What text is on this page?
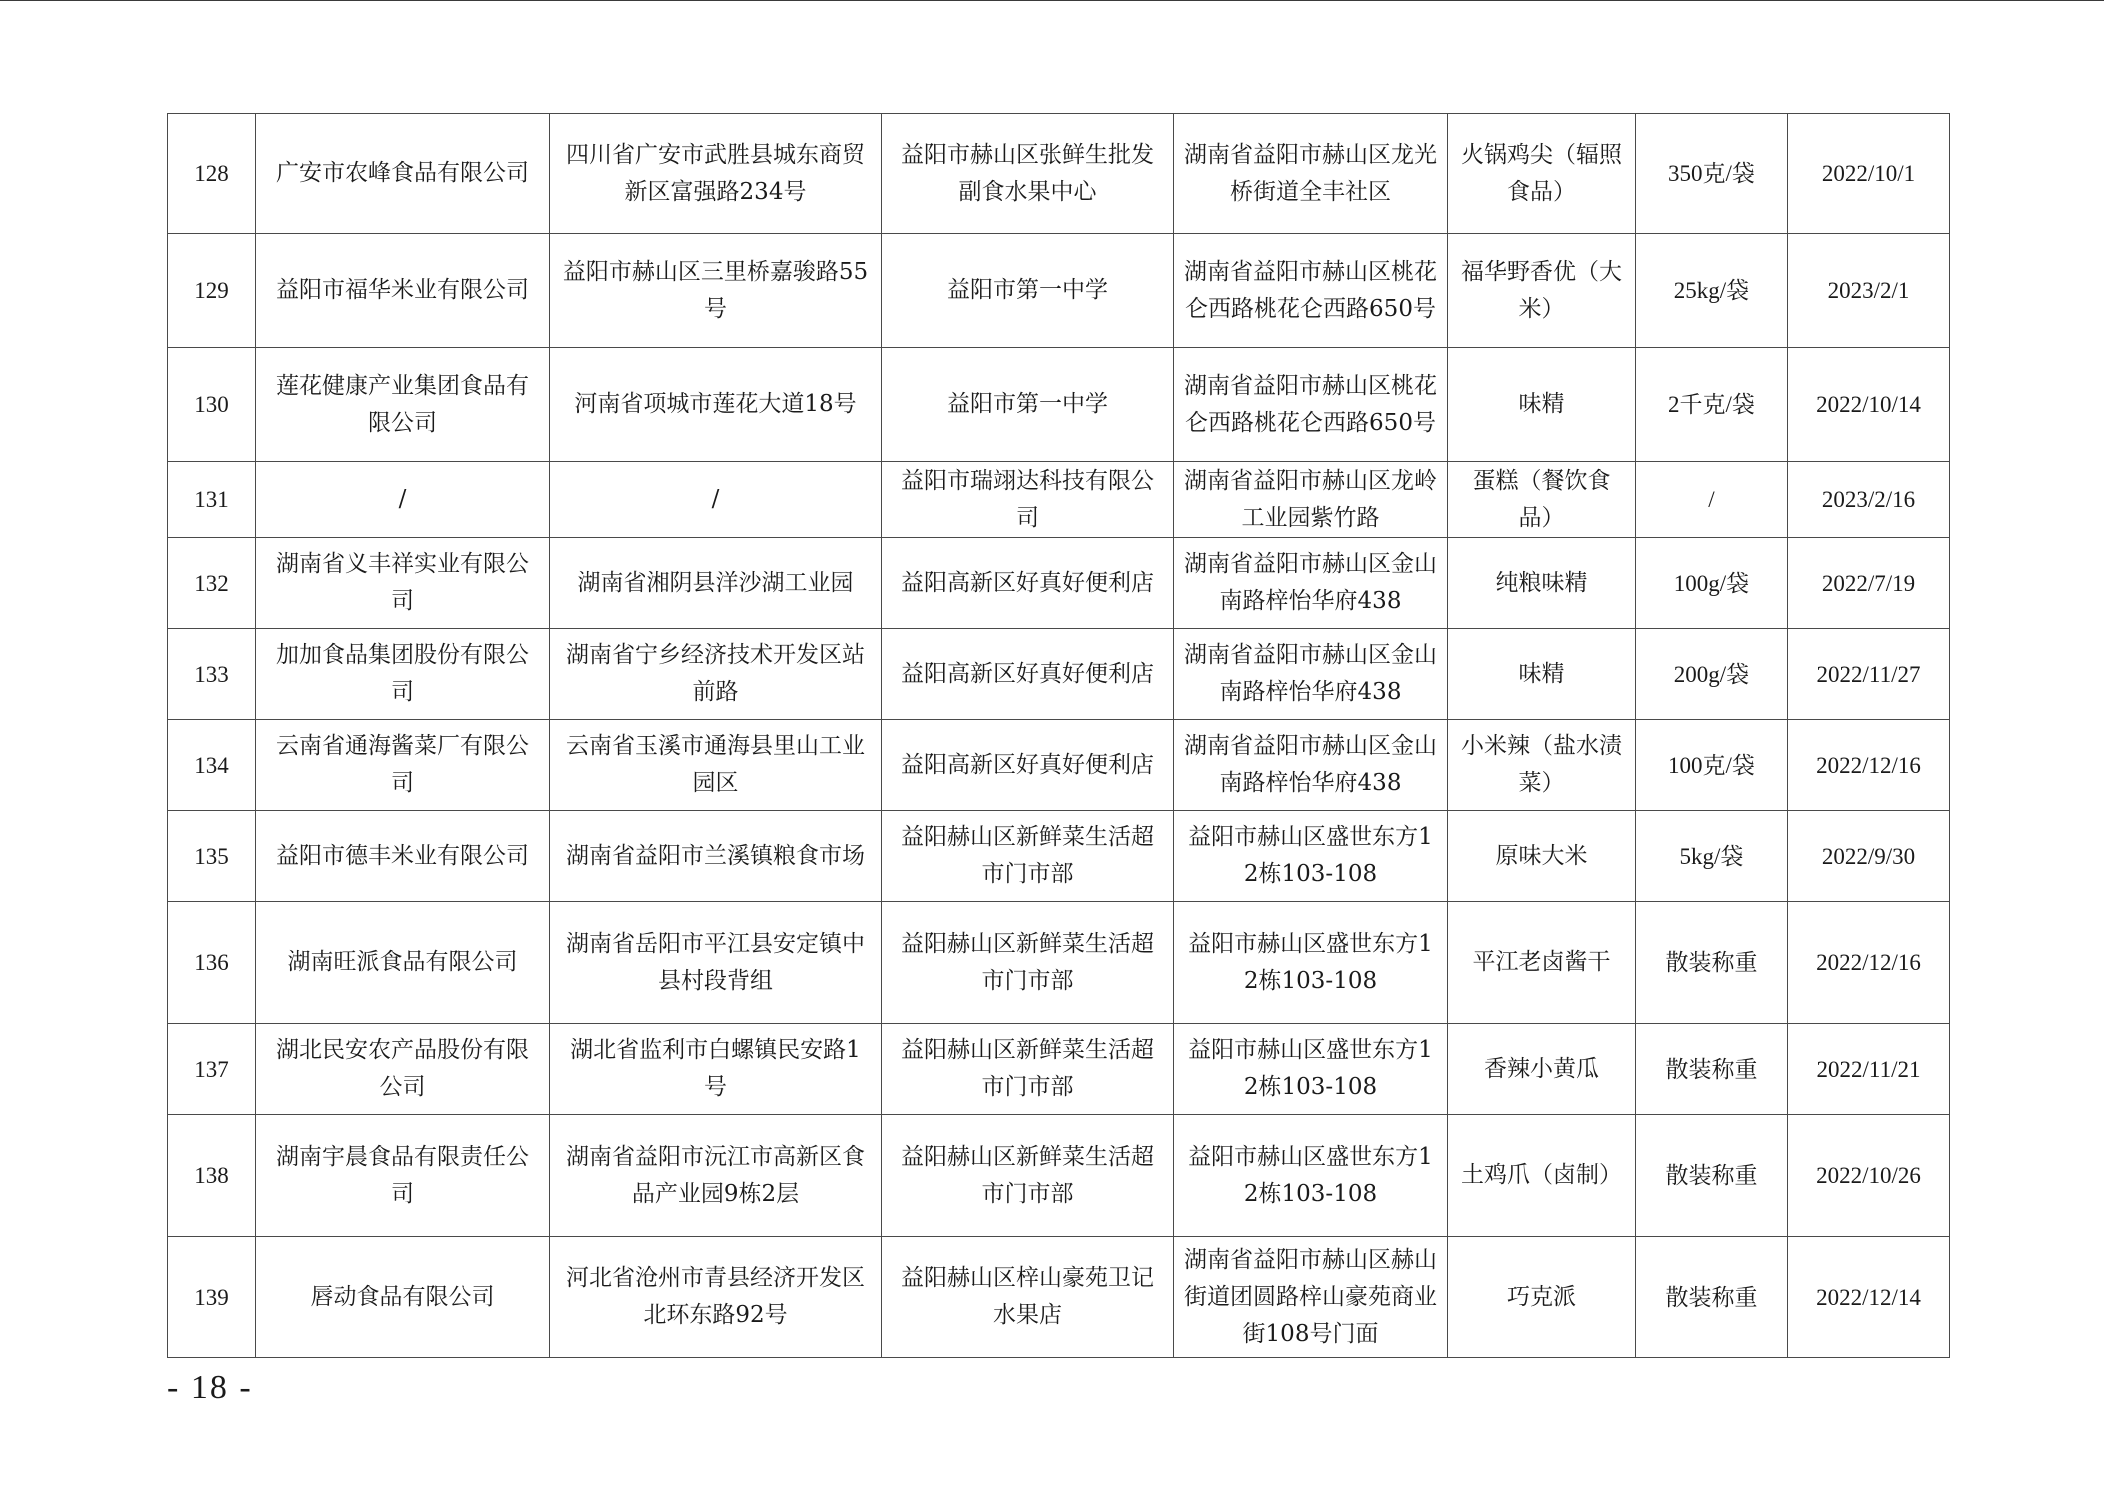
128	广安市农峰食品有限公司	四川省广安市武胜县城东商贸新区富强路234号	益阳市赫山区张鲜生批发副食水果中心	湖南省益阳市赫山区龙光桥街道全丰社区	火锅鸡尖（辐照食品）	350克/袋	2022/10/1
129	益阳市福华米业有限公司	益阳市赫山区三里桥嘉骏路55号	益阳市第一中学	湖南省益阳市赫山区桃花仑西路桃花仑西路650号	福华野香优（大米）	25kg/袋	2023/2/1
130	莲花健康产业集团食品有限公司	河南省项城市莲花大道18号	益阳市第一中学	湖南省益阳市赫山区桃花仑西路桃花仑西路650号	味精	2千克/袋	2022/10/14
131	/	/	益阳市瑞翊达科技有限公司	湖南省益阳市赫山区龙岭工业园紫竹路	蛋糕（餐饮食品）	/	2023/2/16
132	湖南省义丰祥实业有限公司	湖南省湘阴县洋沙湖工业园	益阳高新区好真好便利店	湖南省益阳市赫山区金山南路梓怡华府438	纯粮味精	100g/袋	2022/7/19
133	加加食品集团股份有限公司	湖南省宁乡经济技术开发区站前路	益阳高新区好真好便利店	湖南省益阳市赫山区金山南路梓怡华府438	味精	200g/袋	2022/11/27
134	云南省通海酱菜厂有限公司	云南省玉溪市通海县里山工业园区	益阳高新区好真好便利店	湖南省益阳市赫山区金山南路梓怡华府438	小米辣（盐水渍菜）	100克/袋	2022/12/16
135	益阳市德丰米业有限公司	湖南省益阳市兰溪镇粮食市场	益阳赫山区新鲜菜生活超市门市部	益阳市赫山区盛世东方12栋103-108	原味大米	5kg/袋	2022/9/30
136	湖南旺派食品有限公司	湖南省岳阳市平江县安定镇中县村段背组	益阳赫山区新鲜菜生活超市门市部	益阳市赫山区盛世东方12栋103-108	平江老卤酱干	散装称重	2022/12/16
137	湖北民安农产品股份有限公司	湖北省监利市白螺镇民安路1号	益阳赫山区新鲜菜生活超市门市部	益阳市赫山区盛世东方12栋103-108	香辣小黄瓜	散装称重	2022/11/21
138	湖南宇晨食品有限责任公司	湖南省益阳市沅江市高新区食品产业园9栋2层	益阳赫山区新鲜菜生活超市门市部	益阳市赫山区盛世东方12栋103-108	土鸡爪（卤制）	散装称重	2022/10/26
139	唇动食品有限公司	河北省沧州市青县经济开发区北环东路92号	益阳赫山区梓山豪苑卫记水果店	湖南省益阳市赫山区赫山街道团圆路梓山豪苑商业街108号门面	巧克派	散装称重	2022/12/14
- 18 -
